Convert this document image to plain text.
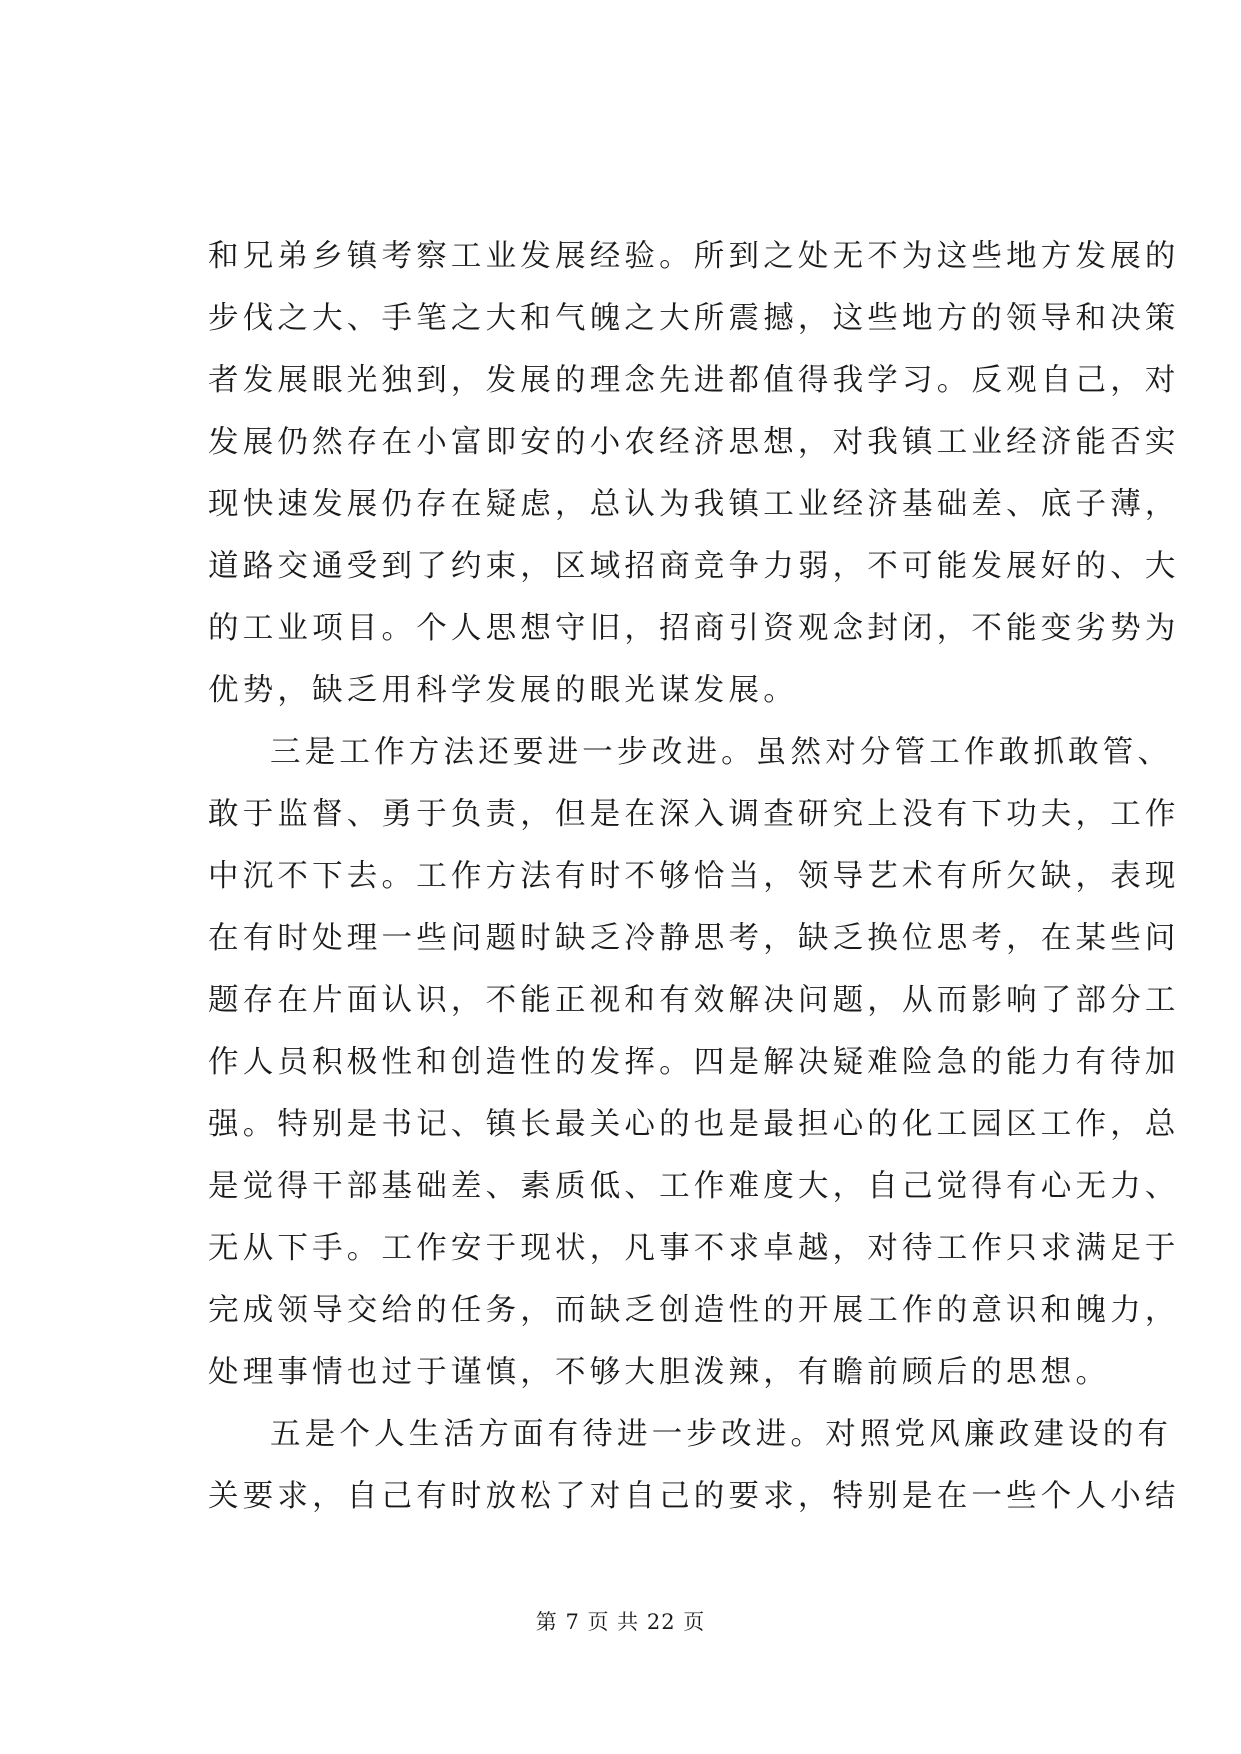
和兄弟乡镇考察工业发展经验。所到之处无不为这些地方发展的
步伐之大、手笔之大和气魄之大所震撼，这些地方的领导和决策
者发展眼光独到，发展的理念先进都值得我学习。反观自己，对
发展仍然存在小富即安的小农经济思想，对我镇工业经济能否实
现快速发展仍存在疑虑，总认为我镇工业经济基础差、底子薄，
道路交通受到了约束，区域招商竞争力弱，不可能发展好的、大
的工业项目。个人思想守旧，招商引资观念封闭，不能变劣势为
优势，缺乏用科学发展的眼光谋发展。
三是工作方法还要进一步改进。虽然对分管工作敢抓敢管、
敢于监督、勇于负责，但是在深入调查研究上没有下功夫，工作
中沉不下去。工作方法有时不够恰当，领导艺术有所欠缺，表现
在有时处理一些问题时缺乏冷静思考，缺乏换位思考，在某些问
题存在片面认识，不能正视和有效解决问题，从而影响了部分工
作人员积极性和创造性的发挥。四是解决疑难险急的能力有待加
强。特别是书记、镇长最关心的也是最担心的化工园区工作，总
是觉得干部基础差、素质低、工作难度大，自己觉得有心无力、
无从下手。工作安于现状，凡事不求卓越，对待工作只求满足于
完成领导交给的任务，而缺乏创造性的开展工作的意识和魄力，
处理事情也过于谨慎，不够大胆泼辣，有瞻前顾后的思想。
五是个人生活方面有待进一步改进。对照党风廉政建设的有
关要求，自己有时放松了对自己的要求，特别是在一些个人小结
第 7 页 共 22 页
